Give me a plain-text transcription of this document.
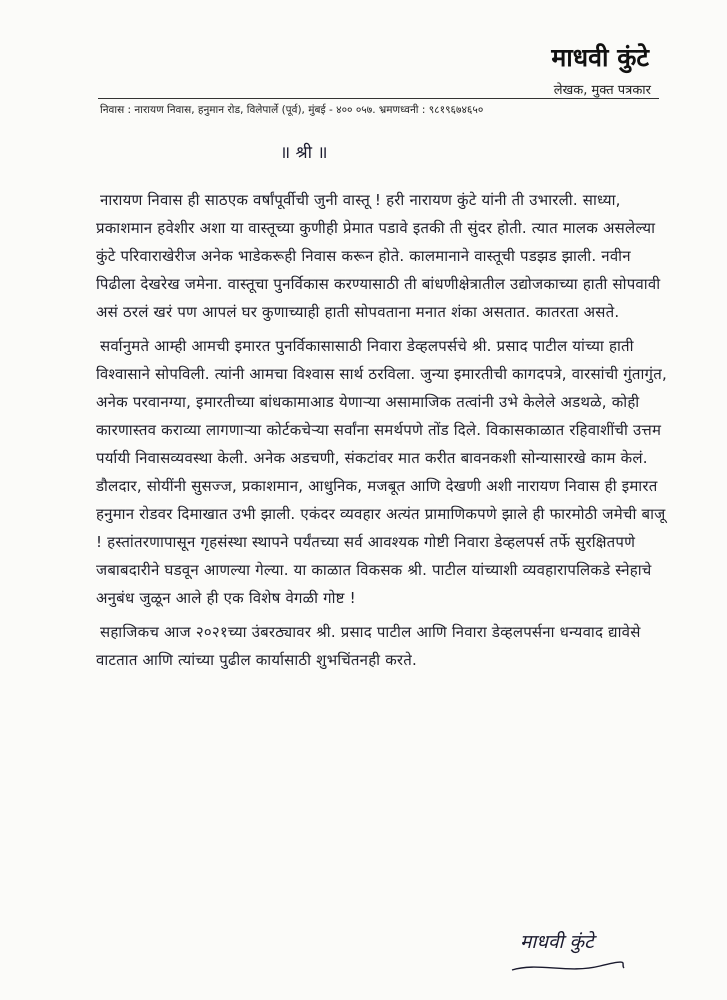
माधवी कुंटे
लेखक, मुक्त पत्रकार
निवास : नारायण निवास, हनुमान रोड, विलेपार्ले (पूर्व), मुंबई - ४०० ०५७. भ्रमणध्वनी : ९८१९६७४६५०
॥ श्री ॥

नारायण निवास ही साठएक वर्षांपूर्वीची जुनी वास्तू ! हरी नारायण कुंटे यांनी ती उभारली. साध्या, प्रकाशमान हवेशीर अशा या वास्तूच्या कुणीही प्रेमात पडावे इतकी ती सुंदर होती. त्यात मालक असलेल्या कुंटे परिवाराखेरीज अनेक भाडेकरूही निवास करून होते. कालमानाने वास्तूची पडझड झाली. नवीन पिढीला देखरेख जमेना. वास्तूचा पुनर्विकास करण्यासाठी ती बांधणीक्षेत्रातील उद्योजकाच्या हाती सोपवावी असं ठरलं खरं पण आपलं घर कुणाच्याही हाती सोपवताना मनात शंका असतात. कातरता असते.

सर्वानुमते आम्ही आमची इमारत पुनर्विकासासाठी निवारा डेव्हलपर्सचे श्री. प्रसाद पाटील यांच्या हाती विश्वासाने सोपविली. त्यांनी आमचा विश्वास सार्थ ठरविला. जुन्या इमारतीची कागदपत्रे, वारसांची गुंतागुंत, अनेक परवानग्या, इमारतीच्या बांधकामाआड येणाऱ्या असामाजिक तत्वांनी उभे केलेले अडथळे, कोही कारणास्तव कराव्या लागणाऱ्या कोर्टकचेऱ्या सर्वांना समर्थपणे तोंड दिले. विकासकाळात रहिवाशींची उत्तम पर्यायी निवासव्यवस्था केली. अनेक अडचणी, संकटांवर मात करीत बावनकशी सोन्यासारखे काम केलं. डौलदार, सोयींनी सुसज्ज, प्रकाशमान, आधुनिक, मजबूत आणि देखणी अशी नारायण निवास ही इमारत हनुमान रोडवर दिमाखात उभी झाली. एकंदर व्यवहार अत्यंत प्रामाणिकपणे झाले ही फारमोठी जमेची बाजू ! हस्तांतरणापासून गृहसंस्था स्थापने पर्यंतच्या सर्व आवश्यक गोष्टी निवारा डेव्हलपर्स तर्फे सुरक्षितपणे जबाबदारीने घडवून आणल्या गेल्या. या काळात विकसक श्री. पाटील यांच्याशी व्यवहारापलिकडे स्नेहाचे अनुबंध जुळून आले ही एक विशेष वेगळी गोष्ट !

सहाजिकच आज २०२१च्या उंबरठ्यावर श्री. प्रसाद पाटील आणि निवारा डेव्हलपर्सना धन्यवाद द्यावेसे वाटतात आणि त्यांच्या पुढील कार्यासाठी शुभचिंतनही करते.

माधवी कुंटे
